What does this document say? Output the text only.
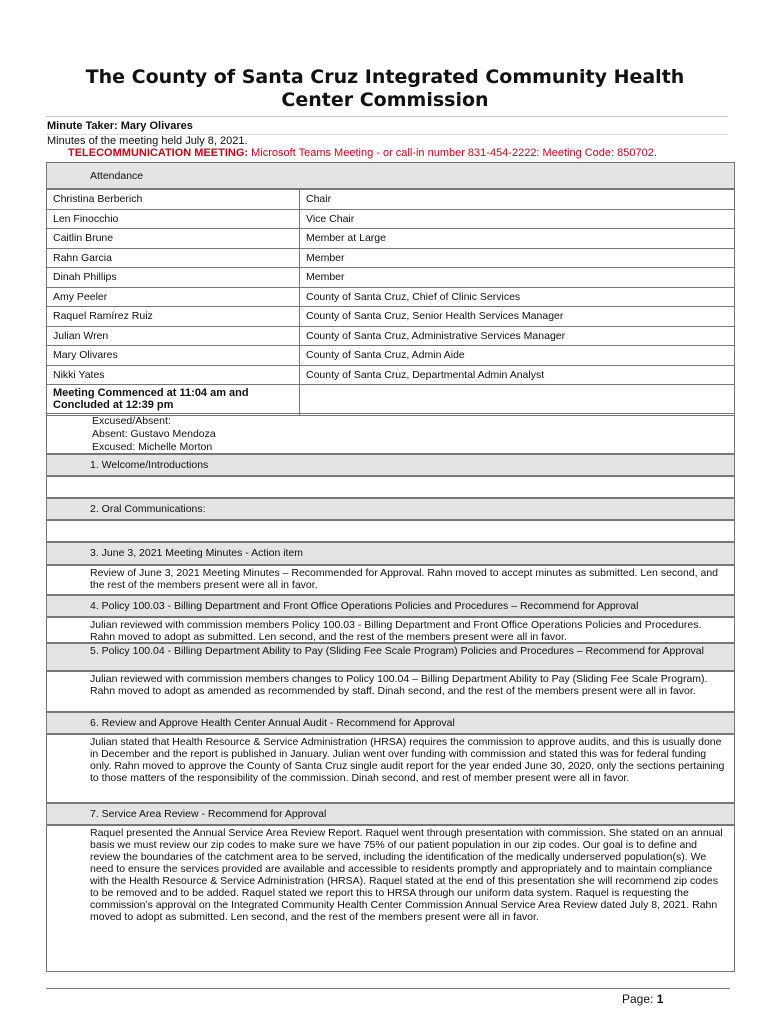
The County of Santa Cruz Integrated Community Health
Center Commission
Minute Taker: Mary Olivares
Minutes of the meeting held July 8, 2021.
TELECOMMUNICATION MEETING: Microsoft Teams Meeting - or call-in number 831-454-2222: Meeting Code: 850702.
Attendance
Christina Berberich	Chair
Len Finocchio	Vice Chair
Caitlin Brune	Member at Large
Rahn Garcia	Member
Dinah Phillips	Member
Amy Peeler	County of Santa Cruz, Chief of Clinic Services
Raquel Ramírez Ruiz	County of Santa Cruz, Senior Health Services Manager
Julian Wren	County of Santa Cruz, Administrative Services Manager
Mary Olivares	County of Santa Cruz, Admin Aide
Nikki Yates	County of Santa Cruz, Departmental Admin Analyst

Meeting Commenced at 11:04 am and
Concluded at 12:39 pm	

Excused/Absent:
Absent: Gustavo Mendoza
Excused: Michelle Morton
1. Welcome/Introductions
2. Oral Communications:
3. June 3, 2021 Meeting Minutes - Action item
Review of June 3, 2021 Meeting Minutes – Recommended for Approval. Rahn moved to accept minutes as submitted. Len second, and the rest of the members present were all in favor.
4. Policy 100.03 - Billing Department and Front Office Operations Policies and Procedures – Recommend for Approval
Julian reviewed with commission members Policy 100.03 - Billing Department and Front Office Operations Policies and Procedures. Rahn moved to adopt as submitted. Len second, and the rest of the members present were all in favor.
5. Policy 100.04 - Billing Department Ability to Pay (Sliding Fee Scale Program) Policies and Procedures – Recommend for Approval
Julian reviewed with commission members changes to Policy 100.04 – Billing Department Ability to Pay (Sliding Fee Scale Program). Rahn moved to adopt as amended as recommended by staff. Dinah second, and the rest of the members present were all in favor.
6. Review and Approve Health Center Annual Audit - Recommend for Approval
Julian stated that Health Resource & Service Administration (HRSA) requires the commission to approve audits, and this is usually done in December and the report is published in January. Julian went over funding with commission and stated this was for federal funding only. Rahn moved to approve the County of Santa Cruz single audit report for the year ended June 30, 2020, only the sections pertaining to those matters of the responsibility of the commission. Dinah second, and rest of member present were all in favor.
7. Service Area Review - Recommend for Approval
Raquel presented the Annual Service Area Review Report. Raquel went through presentation with commission. She stated on an annual basis we must review our zip codes to make sure we have 75% of our patient population in our zip codes. Our goal is to define and review the boundaries of the catchment area to be served, including the identification of the medically underserved population(s). We need to ensure the services provided are available and accessible to residents promptly and appropriately and to maintain compliance with the Health Resource & Service Administration (HRSA). Raquel stated at the end of this presentation she will recommend zip codes to be removed and to be added. Raquel stated we report this to HRSA through our uniform data system. Raquel is requesting the commission’s approval on the Integrated Community Health Center Commission Annual Service Area Review dated July 8, 2021. Rahn moved to adopt as submitted. Len second, and the rest of the members present were all in favor.
Page: 1
